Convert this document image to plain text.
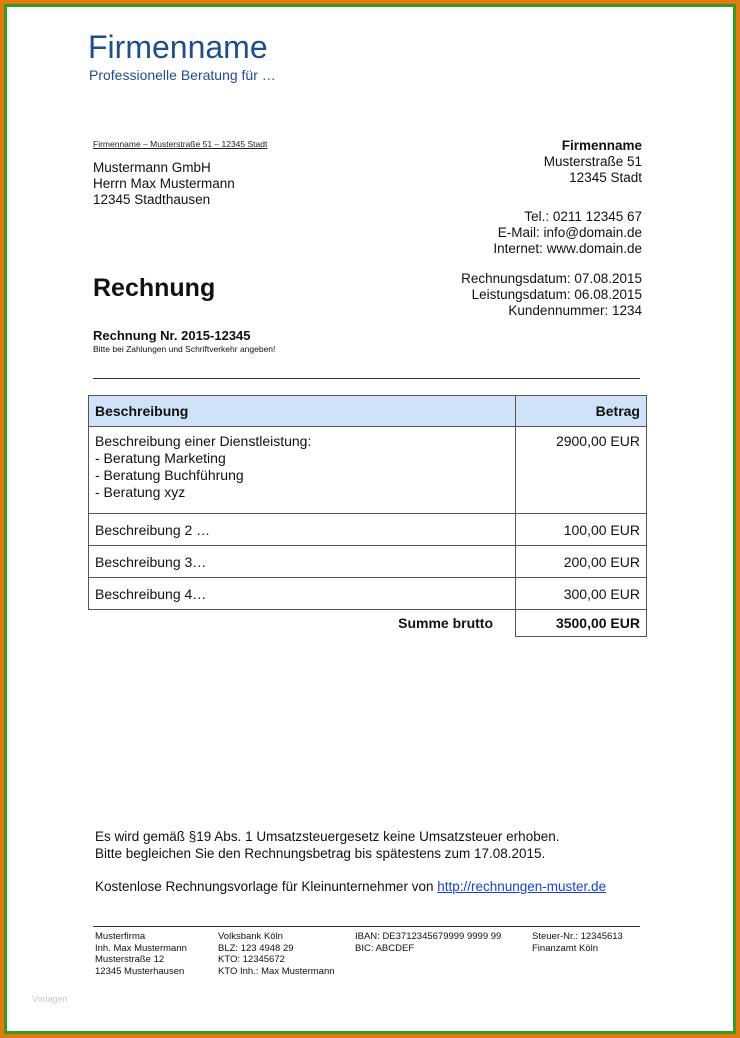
Firmenname
Professionelle Beratung für …
Firmenname – Musterstraße 51 – 12345 Stadt
Mustermann GmbH
Herrn Max Mustermann
12345 Stadthausen
Firmenname
Musterstraße 51
12345 Stadt
Tel.: 0211 12345 67
E-Mail: info@domain.de
Internet: www.domain.de
Rechnung	Rechnungsdatum: 07.08.2015
Leistungsdatum: 06.08.2015
Kundennummer: 1234
Rechnung Nr. 2015-12345
Bitte bei Zahlungen und Schriftverkehr angeben!
Beschreibung	Betrag

Beschreibung einer Dienstleistung:
- Beratung Marketing
- Beratung Buchführung
- Beratung xyz	2900,00 EUR
Beschreibung 2 …	100,00 EUR
Beschreibung 3…	200,00 EUR
Beschreibung 4…	300,00 EUR
Summe brutto	3500,00 EUR
Es wird gemäß §19 Abs. 1 Umsatzsteuergesetz keine Umsatzsteuer erhoben.
Bitte begleichen Sie den Rechnungsbetrag bis spätestens zum 17.08.2015.
Kostenlose Rechnungsvorlage für Kleinunternehmer von http://rechnungen-muster.de
Musterfirma
Inh. Max Mustermann
Musterstraße 12
12345 Musterhausen
Volksbank Köln
BLZ: 123 4948 29
KTO: 12345672
KTO Inh.: Max Mustermann
IBAN: DE3712345679999 9999 99
BIC: ABCDEF
Steuer-Nr.: 12345613
Finanzamt Köln
Vorlagen
